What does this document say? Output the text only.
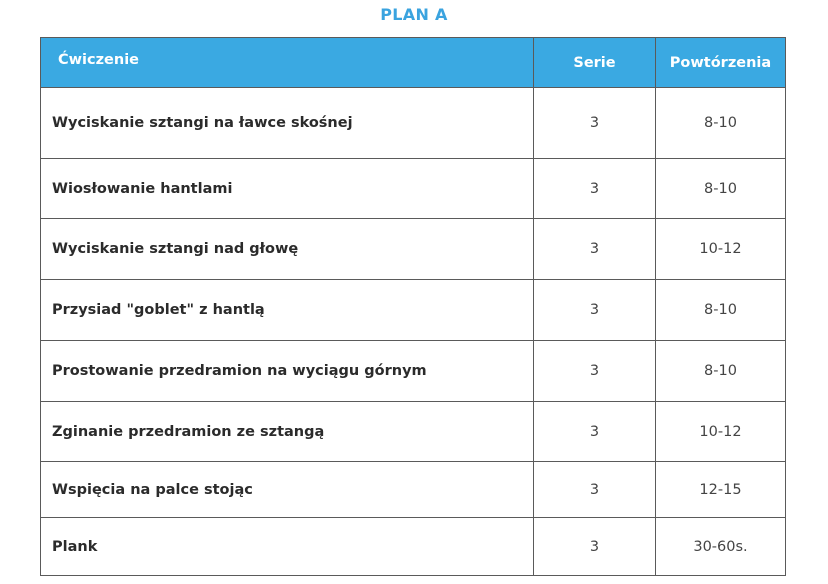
PLAN A
Ćwiczenie	Serie	Powtórzenia
Wyciskanie sztangi na ławce skośnej	3	8-10
Wiosłowanie hantlami	3	8-10
Wyciskanie sztangi nad głowę	3	10-12
Przysiad "goblet" z hantlą	3	8-10
Prostowanie przedramion na wyciągu górnym	3	8-10
Zginanie przedramion ze sztangą	3	10-12
Wspięcia na palce stojąc	3	12-15
Plank	3	30-60s.
